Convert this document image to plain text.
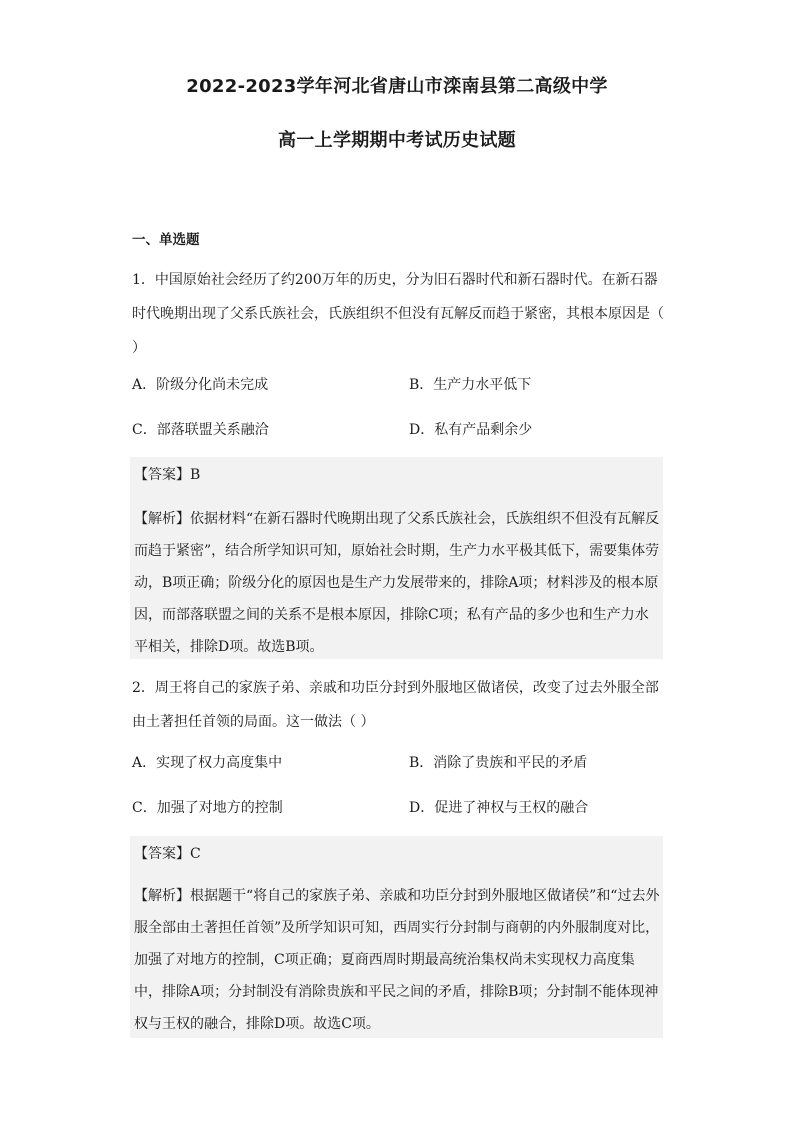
2022-2023学年河北省唐山市滦南县第二高级中学
高一上学期期中考试历史试题
一、单选题
1．中国原始社会经历了约200万年的历史，分为旧石器时代和新石器时代。在新石器时代晚期出现了父系氏族社会，氏族组织不但没有瓦解反而趋于紧密，其根本原因是（ ）
A．阶级分化尚未完成	B．生产力水平低下
C．部落联盟关系融洽	D．私有产品剩余少
【答案】B
【解析】依据材料“在新石器时代晚期出现了父系氏族社会，氏族组织不但没有瓦解反而趋于紧密”，结合所学知识可知，原始社会时期，生产力水平极其低下，需要集体劳动，B项正确；阶级分化的原因也是生产力发展带来的，排除A项；材料涉及的根本原因，而部落联盟之间的关系不是根本原因，排除C项；私有产品的多少也和生产力水平相关，排除D项。故选B项。
2．周王将自己的家族子弟、亲戚和功臣分封到外服地区做诸侯，改变了过去外服全部由土著担任首领的局面。这一做法（ ）
A．实现了权力高度集中	B．消除了贵族和平民的矛盾
C．加强了对地方的控制	D．促进了神权与王权的融合
【答案】C
【解析】根据题干“将自己的家族子弟、亲戚和功臣分封到外服地区做诸侯”和“过去外服全部由土著担任首领”及所学知识可知，西周实行分封制与商朝的内外服制度对比，加强了对地方的控制，C项正确；夏商西周时期最高统治集权尚未实现权力高度集中，排除A项；分封制没有消除贵族和平民之间的矛盾，排除B项；分封制不能体现神权与王权的融合，排除D项。故选C项。
